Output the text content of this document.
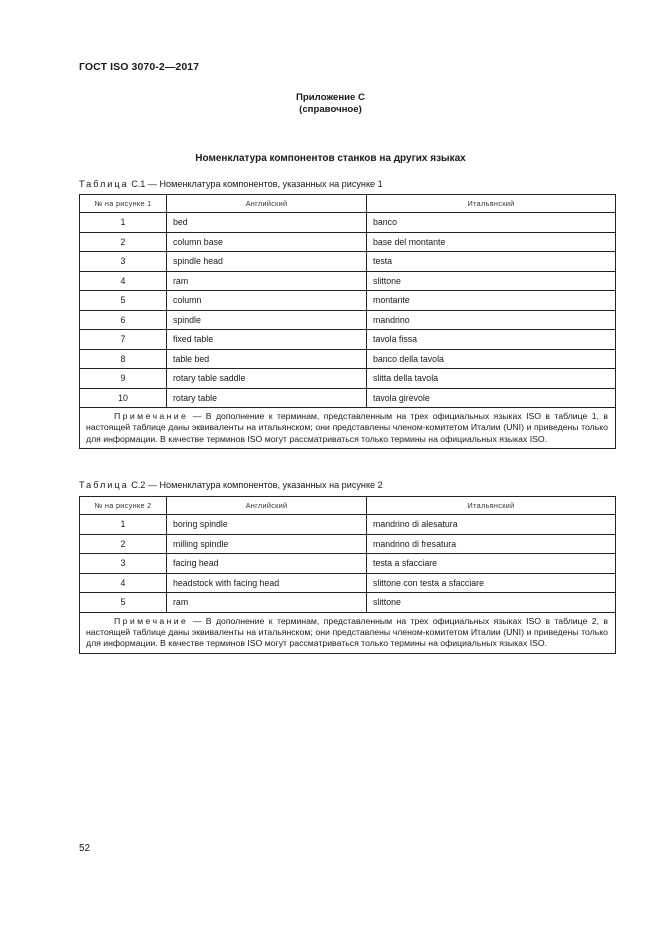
ГОСТ ISO 3070-2—2017
Приложение С
(справочное)
Номенклатура компонентов станков на других языках
Таблица С.1 — Номенклатура компонентов, указанных на рисунке 1
№ на рисунке 1	Английский	Итальянский
1	bed	banco
2	column base	base del montante
3	spindle head	testa
4	ram	slittone
5	column	montante
6	spindle	mandrino
7	fixed table	tavola fissa
8	table bed	banco della tavola
9	rotary table saddle	slitta della tavola
10	rotary table	tavola girevole
Примечание — В дополнение к терминам, представленным на трех официальных языках ISO в таблице 1, в настоящей таблице даны эквиваленты на итальянском; они представлены членом-комитетом Италии (UNI) и приведены только для информации. В качестве терминов ISO могут рассматриваться только термины на официальных языках ISO.		
Таблица С.2 — Номенклатура компонентов, указанных на рисунке 2
№ на рисунке 2	Английский	Итальянский
1	boring spindle	mandrino di alesatura
2	milling spindle	mandrino di fresatura
3	facing head	testa a sfacciare
4	headstock with facing head	slittone con testa a sfacciare
5	ram	slittone
Примечание — В дополнение к терминам, представленным на трех официальных языках ISO в таблице 2, в настоящей таблице даны эквиваленты на итальянском; они представлены членом-комитетом Италии (UNI) и приведены только для информации. В качестве терминов ISO могут рассматриваться только термины на официальных языках ISO.		
52
